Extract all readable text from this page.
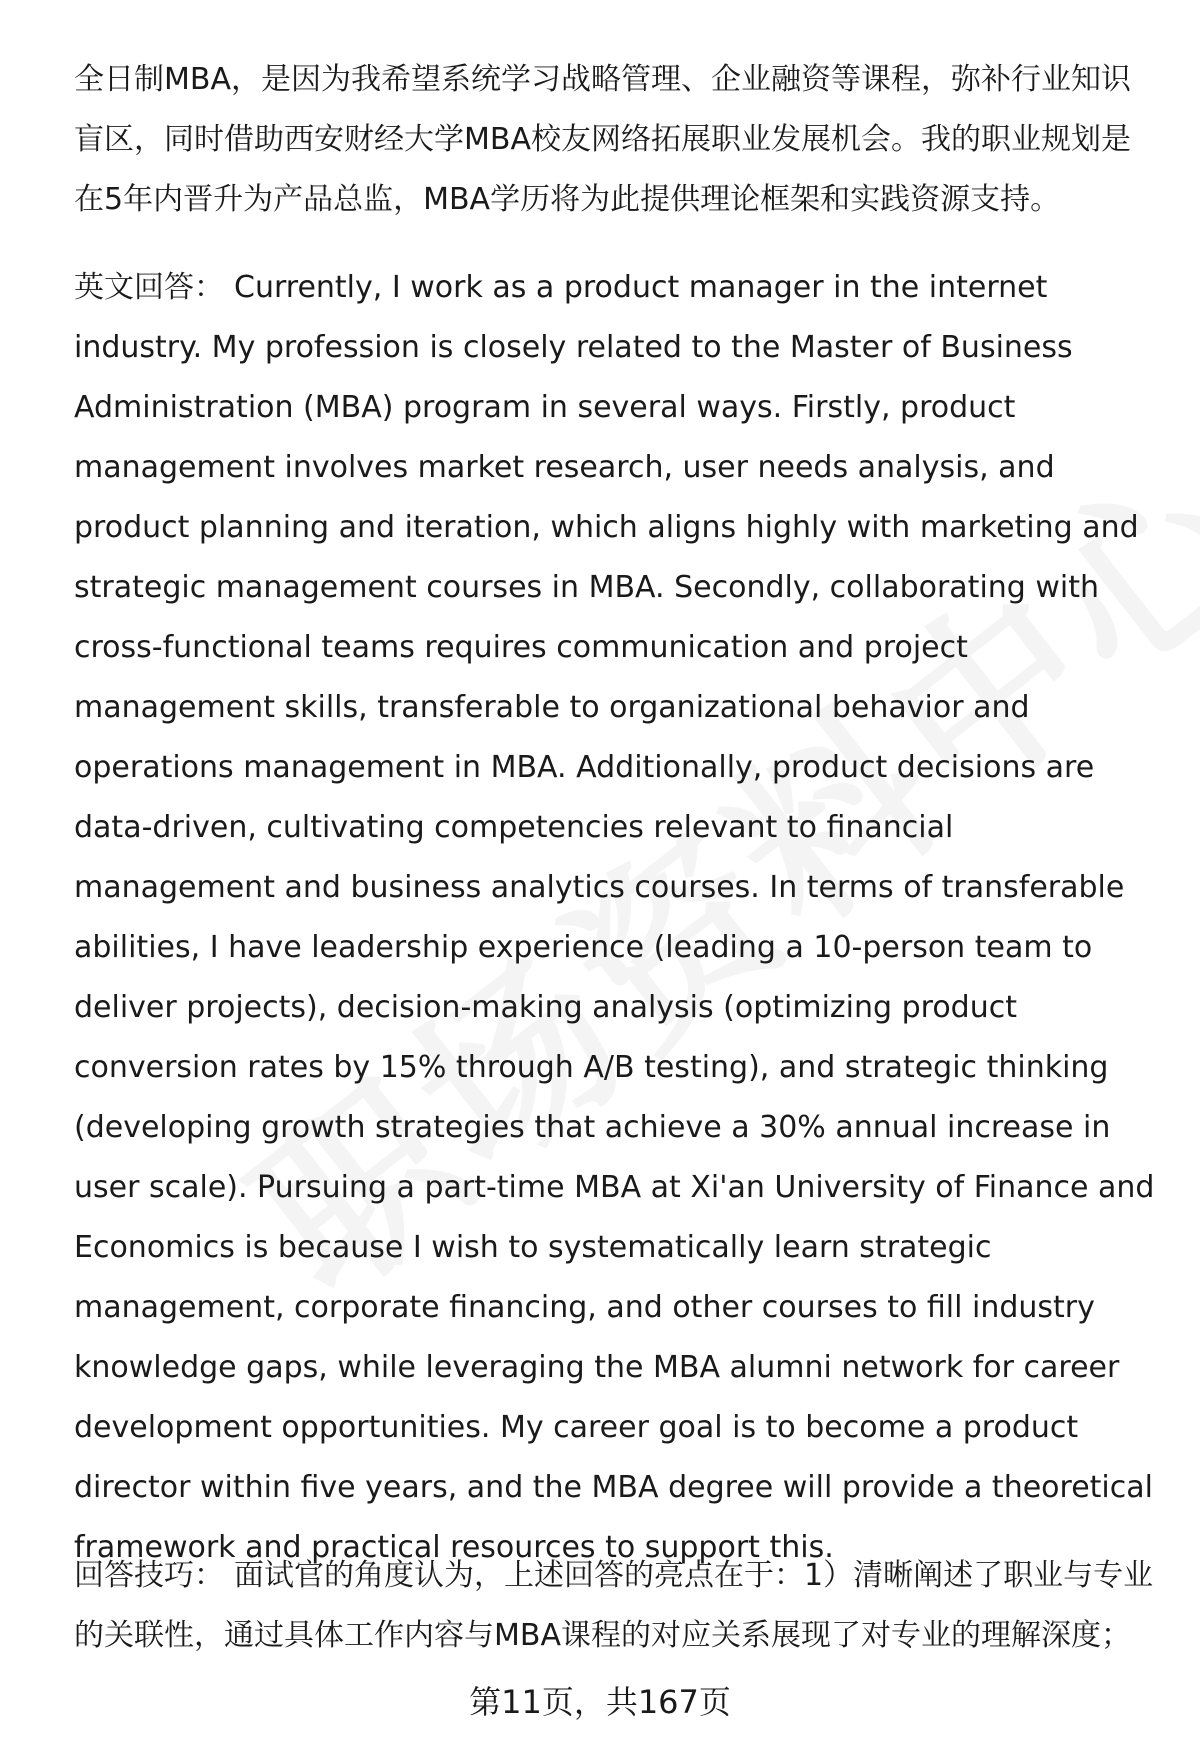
全日制MBA，是因为我希望系统学习战略管理、企业融资等课程，弥补行业知识盲区，同时借助西安财经大学MBA校友网络拓展职业发展机会。我的职业规划是在5年内晋升为产品总监，MBA学历将为此提供理论框架和实践资源支持。

英文回答： Currently, I work as a product manager in the internet industry. My profession is closely related to the Master of Business Administration (MBA) program in several ways. Firstly, product management involves market research, user needs analysis, and product planning and iteration, which aligns highly with marketing and strategic management courses in MBA. Secondly, collaborating with cross-functional teams requires communication and project management skills, transferable to organizational behavior and operations management in MBA. Additionally, product decisions are data-driven, cultivating competencies relevant to financial management and business analytics courses. In terms of transferable abilities, I have leadership experience (leading a 10-person team to deliver projects), decision-making analysis (optimizing product conversion rates by 15% through A/B testing), and strategic thinking (developing growth strategies that achieve a 30% annual increase in user scale). Pursuing a part-time MBA at Xi'an University of Finance and Economics is because I wish to systematically learn strategic management, corporate financing, and other courses to fill industry knowledge gaps, while leveraging the MBA alumni network for career development opportunities. My career goal is to become a product director within five years, and the MBA degree will provide a theoretical framework and practical resources to support this.

回答技巧： 面试官的角度认为，上述回答的亮点在于：1）清晰阐述了职业与专业的关联性，通过具体工作内容与MBA课程的对应关系展现了对专业的理解深度；

第11页，共167页
